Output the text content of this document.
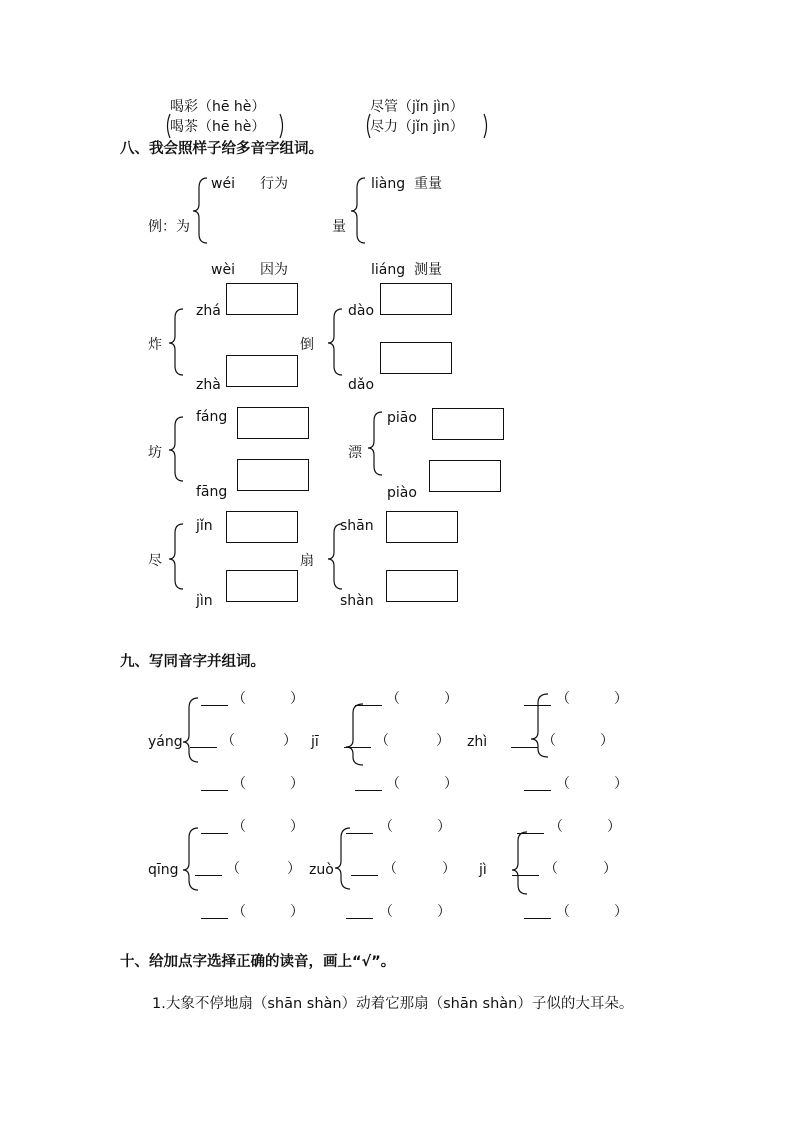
喝彩（hē hè）
喝茶（hē hè）
尽管（jǐn jìn）
尽力（jǐn jìn）
八、我会照样子给多音字组词。
wéi 行为
例：为
wèi 因为
liàng 重量
量
liáng 测量
炸
zhá
zhà
倒
dào
dǎo
坊
fáng
fāng
漂
piāo
piào
尽
jǐn
jìn
扇
shān
shàn
九、写同音字并组词。
yáng
（	）
（	）
（	）
jī
（	）
（	）
（	）
zhì
（	）
（	）
（	）
qīng
（	）
（	）
（	）
zuò
（	）
（	）
（	）
jì
（	）
（	）
（	）
十、给加点字选择正确的读音，画上“√”。
1.大象不停地扇（shān shàn）动着它那扇（shān shàn）子似的大耳朵。
